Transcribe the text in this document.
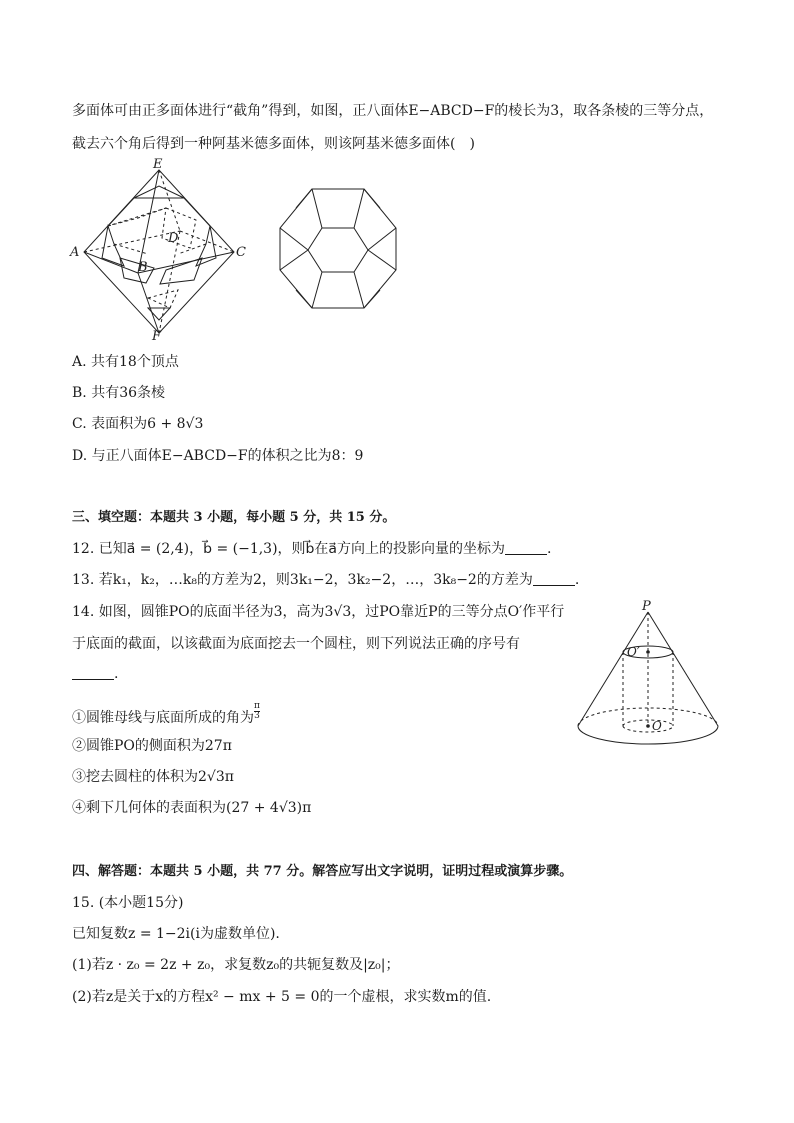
多面体可由正多面体进行“截角”得到，如图，正八面体E−ABCD−F的棱长为3，取各条棱的三等分点，
截去六个角后得到一种阿基米德多面体，则该阿基米德多面体(　)
E
A
B
C
D
F
A. 共有18个顶点
B. 共有36条棱
C. 表面积为6 + 8√3
D. 与正八面体E−ABCD−F的体积之比为8：9
三、填空题：本题共 3 小题，每小题 5 分，共 15 分。
12. 已知a⃗ = (2,4)，b⃗ = (−1,3)，则b⃗在a⃗方向上的投影向量的坐标为	.
13. 若k₁，k₂，…k₈的方差为2，则3k₁−2，3k₂−2，…，3k₈−2的方差为	.
14. 如图，圆锥PO的底面半径为3，高为3√3，过PO靠近P的三等分点O′作平行
于底面的截面，以该截面为底面挖去一个圆柱，则下列说法正确的序号有
.
①圆锥母线与底面所成的角为 $\frac{\pi}{3}$
②圆锥PO的侧面积为27π
③挖去圆柱的体积为2√3π
④剩下几何体的表面积为(27 + 4√3)π
P
O′
O
四、解答题：本题共 5 小题，共 77 分。解答应写出文字说明，证明过程或演算步骤。
15. (本小题15分)
已知复数z = 1−2i(i为虚数单位).
(1)若z · z₀ = 2z + z₀，求复数z₀的共轭复数及|z₀|；
(2)若z是关于x的方程x² − mx + 5 = 0的一个虚根，求实数m的值.
